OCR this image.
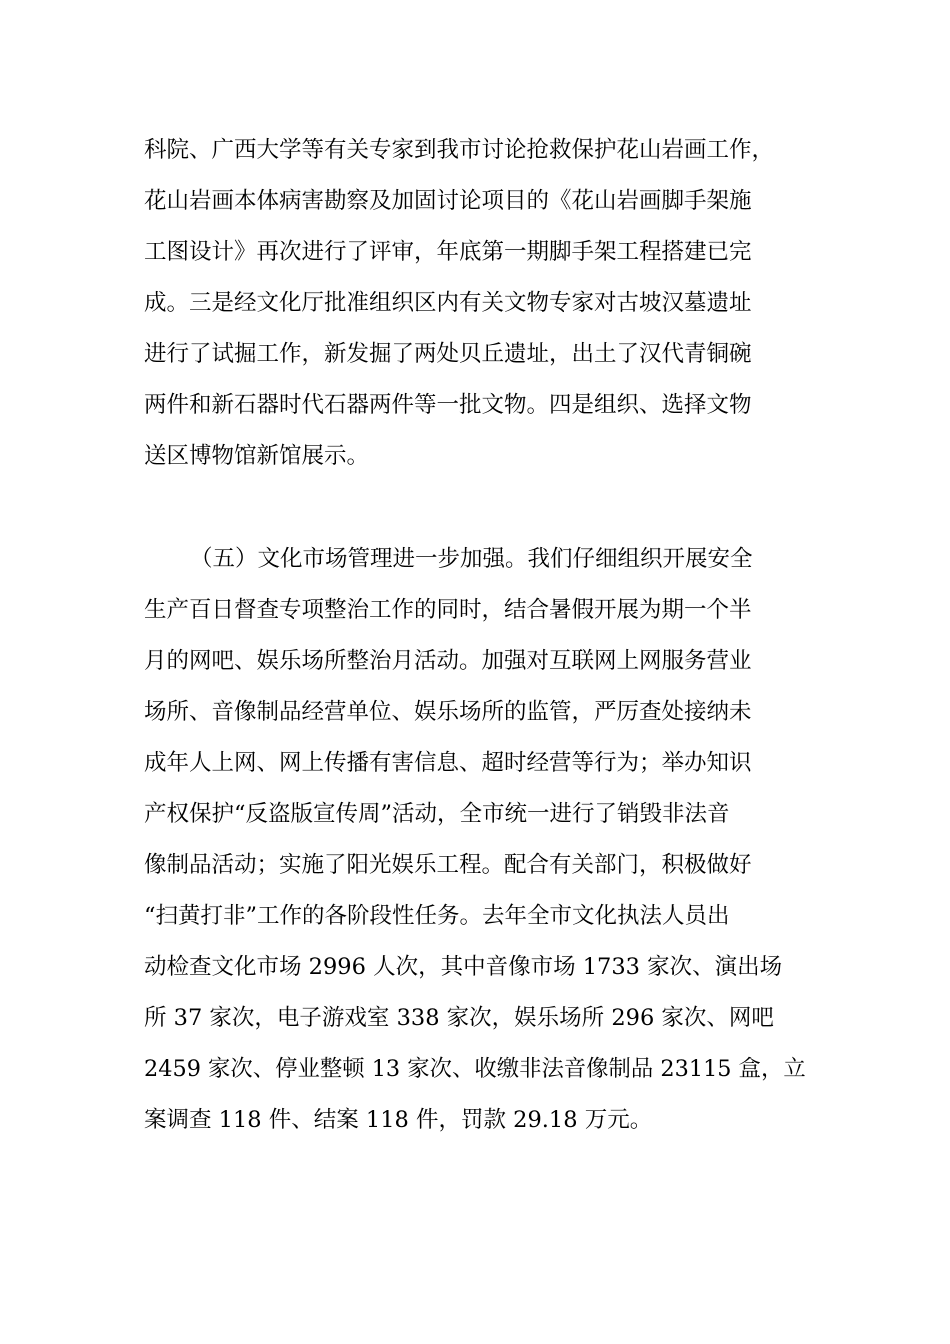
科院、广西大学等有关专家到我市讨论抢救保护花山岩画工作，
花山岩画本体病害勘察及加固讨论项目的《花山岩画脚手架施
工图设计》再次进行了评审，年底第一期脚手架工程搭建已完
成。三是经文化厅批准组织区内有关文物专家对古坡汉墓遗址
进行了试掘工作，新发掘了两处贝丘遗址，出土了汉代青铜碗
两件和新石器时代石器两件等一批文物。四是组织、选择文物
送区博物馆新馆展示。
（五）文化市场管理进一步加强。我们仔细组织开展安全
生产百日督查专项整治工作的同时，结合暑假开展为期一个半
月的网吧、娱乐场所整治月活动。加强对互联网上网服务营业
场所、音像制品经营单位、娱乐场所的监管，严厉查处接纳未
成年人上网、网上传播有害信息、超时经营等行为；举办知识
产权保护“反盗版宣传周”活动，全市统一进行了销毁非法音
像制品活动；实施了阳光娱乐工程。配合有关部门，积极做好
“扫黄打非”工作的各阶段性任务。去年全市文化执法人员出
动检查文化市场 2996 人次，其中音像市场 1733 家次、演出场
所 37 家次，电子游戏室 338 家次，娱乐场所 296 家次、网吧
2459 家次、停业整顿 13 家次、收缴非法音像制品 23115 盒，立
案调查 118 件、结案 118 件，罚款 29.18 万元。
